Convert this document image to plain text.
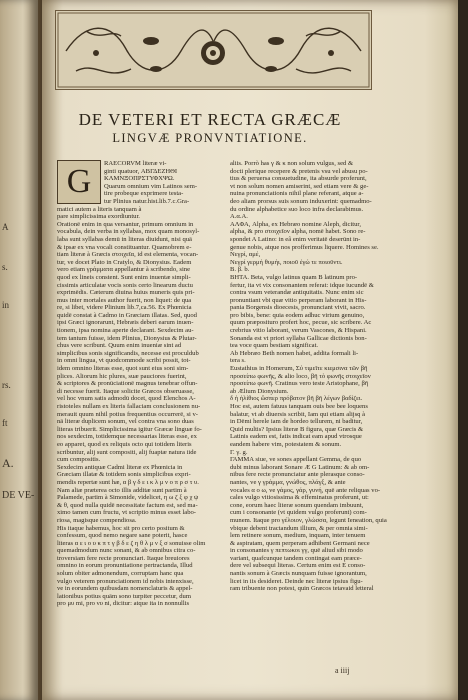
A
s.
in
rs.
ft
A.
DE VE-
DE VETERI ET RECTA GRÆCÆ
LINGVÆ PRONVNTIATIONE.
G	RAECORVM literæ vi-
ginti quatuor, ΑΒΓΔΕΖΗΘΙ
ΚΛΜΝΞΟΠΡΣΤΥΦΧΨΩ.
Quarum omnium vim Latinos sem-
tire probeque exprimere testa-
tur Plinius natur.hist.lib.7.c.Gra-
matici autem a literis tanquam à
pare simplicissima exordiuntur.
Orationē enim in qua versantur, primum omnium in
vocabula, dein verba in syllabas, mox quam monosyl-
laba sunt syllabas demū in literas diuidunt, nisi quā
& ipsæ ex vna vocali constituantur. Quamobrem e-
tiam literæ à Græcis στοιχεῖα, id est elementa, vocan-
tur, ve docet Plato in Cratylo, & Dionysius. Eadem
vero etiam γράμματα appellantur à scribendo, sine
quod ex lineis constent. Sunt enim inuentæ simpli-
cissimis articulatæ vocis sonis certo linearum ductu
exprimēdis. Cæterum diuina huius muneris quis pri-
mus inter mortales author fuerit, non liquet: de qua
re, si libet, videre Plinium lib.7,ca.56. Ex Phœnicia
quidē constat à Cadmo in Græciam illatas. Sed, quod
ipsi Græci ignorarunt, Hebræis deberi earum inuen-
tionem, ipsa nomina aperte declarant. Sexdecim au-
tem tantum fuisse, idem Plinius, Dionysius & Plutar-
chus vere scribunt. Quum enim inueniæ sint ad
simplicibus sonis significandis, necesse est proculdub
in omni lingua, vt quodcommode scribi possit, tot-
idem omnino literas esse, quot sunt eius soni sim-
plices. Aliorum hic plures, suæ pauciores fuerint,
& scriptores & pronūciationē magnus tenebrar offun-
di necesse fuerit. Itaque solicite Græcos obseruasse,
vel hoc vnum satis admodū docet, quod Elenchos A-
ristoteles nullam ex literis fallaciam conclusionem nu-
merauit quum nihil potius frequentius occurrerē, si v-
nā literæ duplicem sonum, vel contra vna sono duas
literas tribuerit. Simplicissima igitur Græcæ linguæ fo-
nos sexdecim, totidemque necessarias literas esse, ex
eo apparet, quod ex reliquis octo qui totidem literis
scribuntur, alij sunt compositi, alij fuaptæ natura iide
cum compositis.
Sexdecim antiquæ Cadmi literæ ex Phœnicia in
Græciam illatæ & totidem sonis simplicibus expri-
mendis repertæ sunt hæ, α β γ δ ε ι κ λ μ ν ο π ρ σ τ υ.
Nam aliæ præterea octo illis additæ sunt partim à
Palamede, partim à Simonide, videlicet, η ω ζ ξ φ χ ψ
& θ, quod nulla quidē necessitate factum est, sed ma-
ximo tamen cum fructu, vt scriptio minus esset labo-
riosa, magisque compendiosa.
His itaque habemus, hoc sit pro certo positum &
confessum, quod nemo negare sane poterit, hasce
literas α ε ι ο υ κ π τ γ β δ ε ζ η θ λ μ ν ξ σ sonuisse olim
quemadmodum nunc sonant, & ab omnibus citra co-
troversiam fere recte pronunciari. Itaque breuiores
omnino in eorum pronuntiatione pertractanda, Illud
solum obiter admonendum, corruptam hanc qua
vulgo veterem pronunciationem id nobis intenxisse,
ve in eorundem quibusdam nomenclaturis & appel-
lationibus potius quām sono turpiter peccetur, dum
pro μυ mi, pro νυ ni, dicitur: atque ita in nonnullis
aliis. Porrò has γ & κ non solum vulgus, sed &
docti plerique recepere & pretenis vsu vel abusu po-
tius & peruersa consuetudine, ita absurde proferunt,
vt non solum nomen amiserint, sed etiam vere & ge-
nuina pronunciationis nihil plane referant, atque a-
deo aliam prorsus suis sonum induxerint: quemadmo-
du ordine alphabetice suo loco infra declarabimus.
A.α.A.
ΑΛΦΑ, Alpha, ex Hebræo nomine Aleph, dicitur,
alpha, & pro στοιχεῖον alpha, nomē habet. Sono re-
spondet A Latino: in eâ enim veritatē deserūnt in-
genue nobis, atque nos profferimus liquere. Homines se.
Νεγρί, αμέ,
Νεγρί γερμή θυμήι, ποιοῦ ἐγώ τε ποιοῦντι.
B. β. b.
ΒΗΤΑ. Beta, vulgo latinus quam B latinum pro-
fertur, ita vt vix consonantem referat: idque iucundē &
contra vsum veterandæ antiquitatis. Nunc enim sic
pronuntiant vbi quæ vitio perperam laborant in His-
pania Borgensis dioecesis, pronunciant vivit, sacro.
pro bibis, bene: quia eodem adhuc virium genuino,
quum præposituro profert hoc, pecue, sic scribere. Ac
crebrius vitio laborant, verum Vascones, & Hispani.
Sonanda est vt priori syllaba Gallicae dictionis bon-
tea voce quam bestiam significat.
Ab Hebræo Beth nomen habet, addita formali li-
tera s.
Eustathius in Homerum, Σύ τιμεῖτε κιεμσινα τῶν βῆ
προσείπω φωνῆς, & alio loco, βῆ τὸ φωνῆς στοιχεῖον
προσείπω φωνῆ. Cratinus vero teste Aristophane, βῆ
ab Ælium Dionysium.
δ ἡ ἡλίθιος ὥσπερ πρόβατον βῆ βῆ λέγων βαδίζει.
Hoc est, autem fatuus tanquam ouis bee bee loquens
balatur, vt ab diuersis scribit, Iam qui etiam alijsq à
in Dēmi herele iam de hordeo tellurem, ni baditur,
Quid multis? Ipsius literæ B figura, quæ Græcis &
Latinis eadem est, fatis indicat eam apud vtrosque
eandem habere vim, potestatem & sonum.
Γ. γ. g.
ΓΑΜΜΑ siue, ve sones appellant Gemma, de quo
dubi minus laborant Sonare Æ G Latinum: & ab om-
nibus fere recte pronunciatur ante plerasque conso-
nantes, ve γ γράμμα, γνώθος, πλάγξ, & ante
vocales α ο ω, ve γάμος, γάρ, γυνή, quē ante reliquas vo-
cales vulgo vitiosissima & effeminatus proferunt, ut:
cone, eorum haec literæ sonum quendam imbuunt,
cum i consonante (vt quidem vulgo proferunt) com-
munem. Itaque pro γέλοιον, γλώσσα, legunt Ieneation, quia
vbique debent tractandum illium, & per omnia simi-
lem retinere sonum, medium, inquam, inter tenuem
& aspiratam, quem perperam adhibent Germani nece
in consonantes γ πεπτωκοι γγ, quē aliud sibi modo
variant, quafcunque tandem contingat eam præce-
dere vel subsequi literas. Certum enim est E conso-
nantis sonum à Græcis nunquam fuisse ignorantum,
licet in iis desideret. Deinde nec literæ ipsius figu-
ram tribuente non potest, quin Græcos tetavaid letteral
a iiij
